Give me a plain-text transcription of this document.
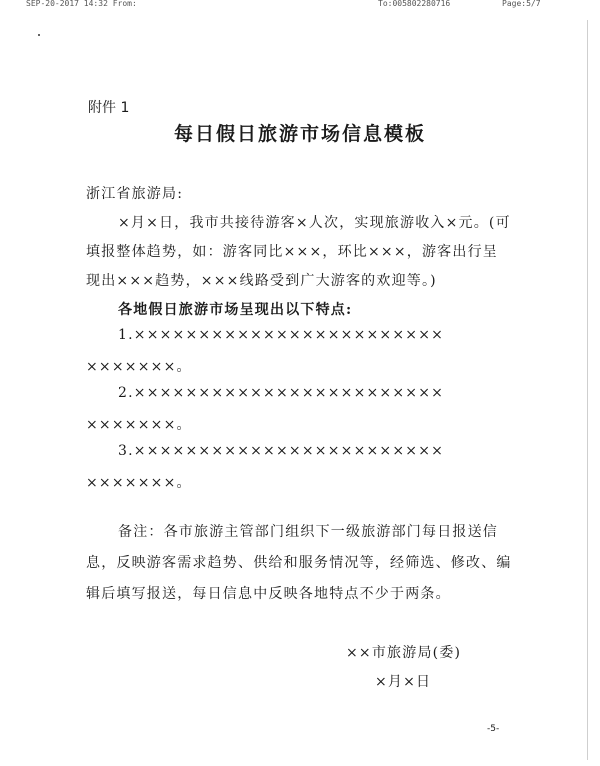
SEP-20-2017 14:32 From:	To:005802280716	Page:5/7
附件 1
每日假日旅游市场信息模板
浙江省旅游局:
×月×日，我市共接待游客×人次，实现旅游收入×元。(可
填报整体趋势，如：游客同比×××，环比×××，游客出行呈
现出×××趋势，×××线路受到广大游客的欢迎等。)
各地假日旅游市场呈现出以下特点:
1.××××××××××××××××××××××××
×××××××。
2.××××××××××××××××××××××××
×××××××。
3.××××××××××××××××××××××××
×××××××。
备注：各市旅游主管部门组织下一级旅游部门每日报送信
息，反映游客需求趋势、供给和服务情况等，经筛选、修改、编
辑后填写报送，每日信息中反映各地特点不少于两条。
××市旅游局(委)
×月×日
-5-
